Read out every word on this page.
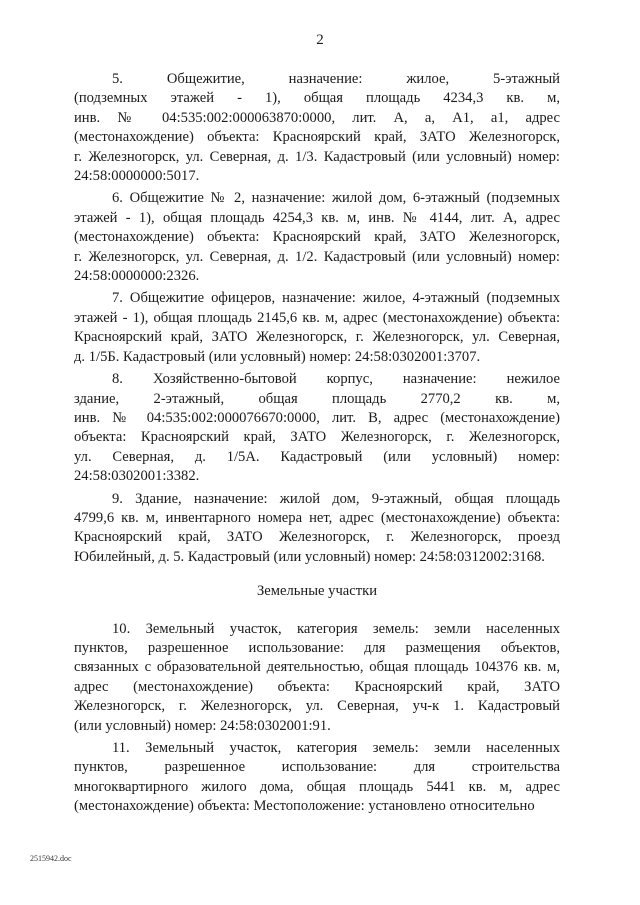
2
5. Общежитие, назначение: жилое, 5-этажный
(подземных этажей - 1), общая площадь 4234,3 кв. м,
инв. № 04:535:002:000063870:0000, лит. А, а, А1, а1, адрес
(местонахождение) объекта: Красноярский край, ЗАТО Железногорск,
г. Железногорск, ул. Северная, д. 1/3. Кадастровый (или условный) номер:
24:58:0000000:5017.
6. Общежитие № 2, назначение: жилой дом, 6-этажный (подземных
этажей - 1), общая площадь 4254,3 кв. м, инв. № 4144, лит. А, адрес
(местонахождение) объекта: Красноярский край, ЗАТО Железногорск,
г. Железногорск, ул. Северная, д. 1/2. Кадастровый (или условный) номер:
24:58:0000000:2326.
7. Общежитие офицеров, назначение: жилое, 4-этажный (подземных
этажей - 1), общая площадь 2145,6 кв. м, адрес (местонахождение) объекта:
Красноярский край, ЗАТО Железногорск, г. Железногорск, ул. Северная,
д. 1/5Б. Кадастровый (или условный) номер: 24:58:0302001:3707.
8. Хозяйственно-бытовой корпус, назначение: нежилое
здание, 2-этажный, общая площадь 2770,2 кв. м,
инв. № 04:535:002:000076670:0000, лит. В, адрес (местонахождение)
объекта: Красноярский край, ЗАТО Железногорск, г. Железногорск,
ул. Северная, д. 1/5А. Кадастровый (или условный) номер:
24:58:0302001:3382.
9. Здание, назначение: жилой дом, 9-этажный, общая площадь
4799,6 кв. м, инвентарного номера нет, адрес (местонахождение) объекта:
Красноярский край, ЗАТО Железногорск, г. Железногорск, проезд
Юбилейный, д. 5. Кадастровый (или условный) номер: 24:58:0312002:3168.
Земельные участки
10. Земельный участок, категория земель: земли населенных
пунктов, разрешенное использование: для размещения объектов,
связанных с образовательной деятельностью, общая площадь 104376 кв. м,
адрес (местонахождение) объекта: Красноярский край, ЗАТО
Железногорск, г. Железногорск, ул. Северная, уч-к 1. Кадастровый
(или условный) номер: 24:58:0302001:91.
11. Земельный участок, категория земель: земли населенных
пунктов, разрешенное использование: для строительства
многоквартирного жилого дома, общая площадь 5441 кв. м, адрес
(местонахождение) объекта: Местоположение: установлено относительно
2515942.doc
